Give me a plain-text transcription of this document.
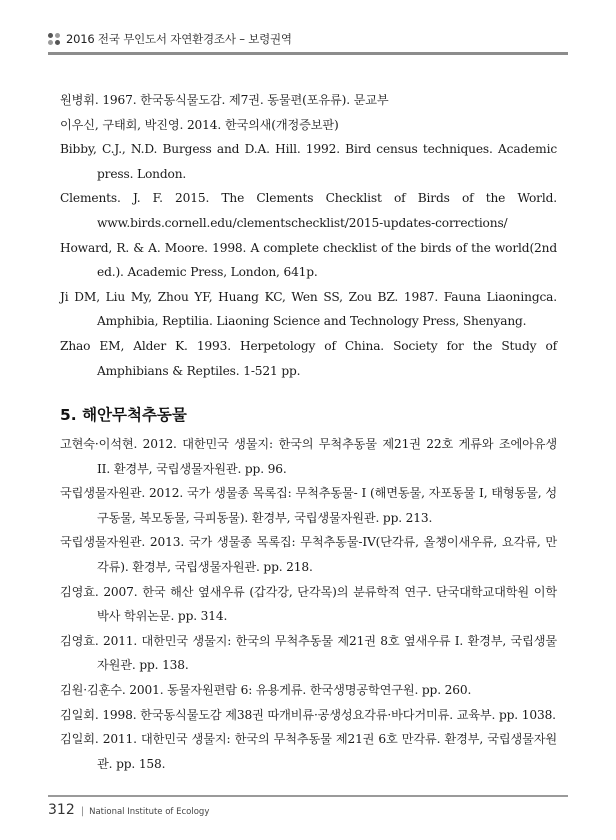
2016 전국 무인도서 자연환경조사 – 보령권역
원병휘. 1967. 한국동식물도감. 제7권. 동물편(포유류). 문교부
이우신, 구태회, 박진영. 2014. 한국의새(개정증보판)
Bibby, C.J., N.D. Burgess and D.A. Hill. 1992. Bird census techniques. Academic press. London.
Clements. J. F. 2015. The Clements Checklist of Birds of the World. www.birds.cornell.edu/clementschecklist/2015-updates-corrections/
Howard, R. & A. Moore. 1998. A complete checklist of the birds of the world(2nd ed.). Academic Press, London, 641p.
Ji DM, Liu My, Zhou YF, Huang KC, Wen SS, Zou BZ. 1987. Fauna Liaoningca. Amphibia, Reptilia. Liaoning Science and Technology Press, Shenyang.
Zhao EM, Alder K. 1993. Herpetology of China. Society for the Study of Amphibians & Reptiles. 1-521 pp.
5. 해안무척추동물
고현숙·이석현. 2012. 대한민국 생물지: 한국의 무척추동물 제21권 22호 게류와 조에아유생 II. 환경부, 국립생물자원관. pp. 96.
국립생물자원관. 2012. 국가 생물종 목록집: 무척추동물- I (해면동물, 자포동물 I, 태형동물, 성구동물, 복모동물, 극피동물). 환경부, 국립생물자원관. pp. 213.
국립생물자원관. 2013. 국가 생물종 목록집: 무척추동물-IV(단각류, 올챙이새우류, 요각류, 만각류). 환경부, 국립생물자원관. pp. 218.
김영효. 2007. 한국 해산 옆새우류 (갑각강, 단각목)의 분류학적 연구. 단국대학교대학원 이학박사 학위논문. pp. 314.
김영효. 2011. 대한민국 생물지: 한국의 무척추동물 제21권 8호 옆새우류 I. 환경부, 국립생물자원관. pp. 138.
김원·김훈수. 2001. 동물자원편람 6: 유용게류. 한국생명공학연구원. pp. 260.
김일회. 1998. 한국동식물도감 제38권 따개비류·공생성요각류·바다거미류. 교육부. pp. 1038.
김일회. 2011. 대한민국 생물지: 한국의 무척추동물 제21권 6호 만각류. 환경부, 국립생물자원관. pp. 158.
312 | National Institute of Ecology
